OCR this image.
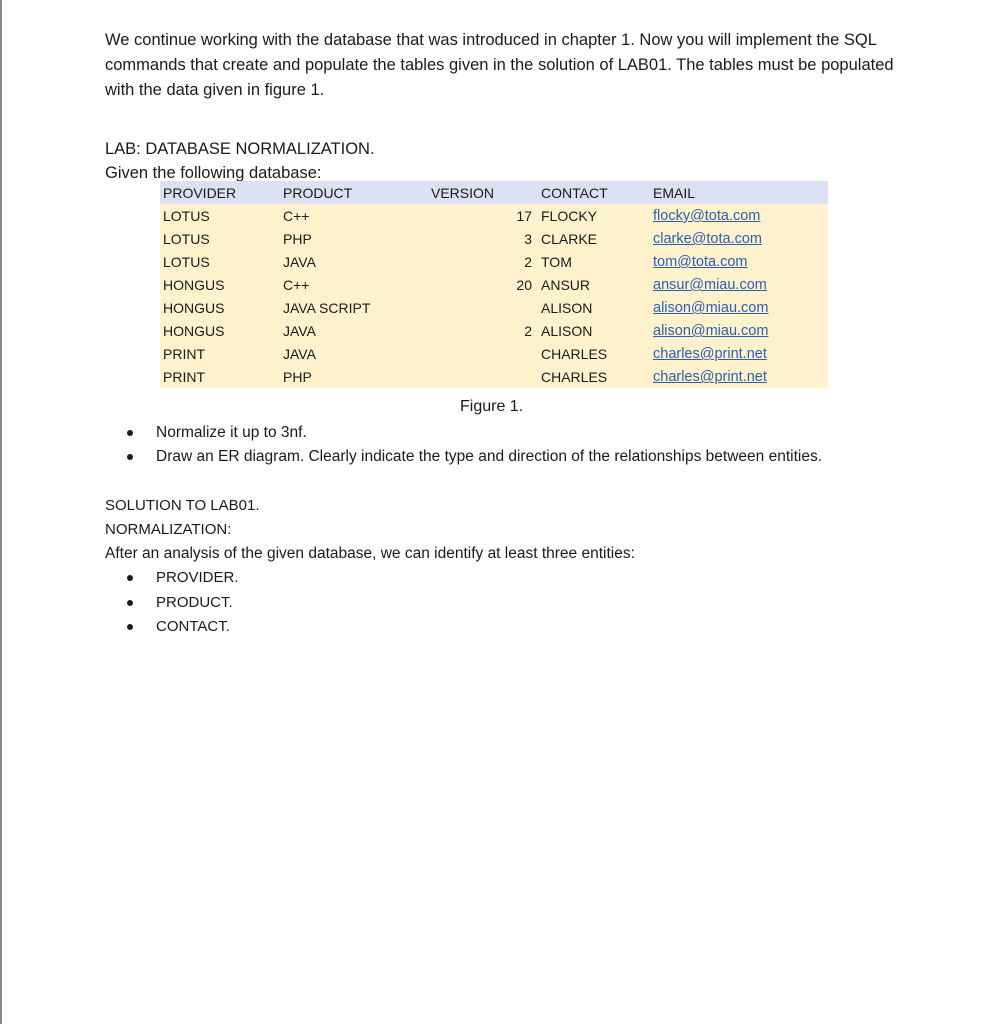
We continue working with the database that was introduced in chapter 1. Now you will implement the SQL commands that create and populate the tables given in the solution of LAB01. The tables must be populated with the data given in figure 1.

LAB: DATABASE NORMALIZATION.

Given the following database:

PROVIDER	PRODUCT	VERSION	CONTACT	EMAIL
LOTUS	C++	17	FLOCKY	flocky@tota.com
LOTUS	PHP	3	CLARKE	clarke@tota.com
LOTUS	JAVA	2	TOM	tom@tota.com
HONGUS	C++	20	ANSUR	ansur@miau.com
HONGUS	JAVA SCRIPT		ALISON	alison@miau.com
HONGUS	JAVA	2	ALISON	alison@miau.com
PRINT	JAVA		CHARLES	charles@print.net
PRINT	PHP		CHARLES	charles@print.net
Figure 1.
Normalize it up to 3nf.
Draw an ER diagram. Clearly indicate the type and direction of the relationships between entities.

SOLUTION TO LAB01.

NORMALIZATION:

After an analysis of the given database, we can identify at least three entities:

PROVIDER.
PRODUCT.
CONTACT.
